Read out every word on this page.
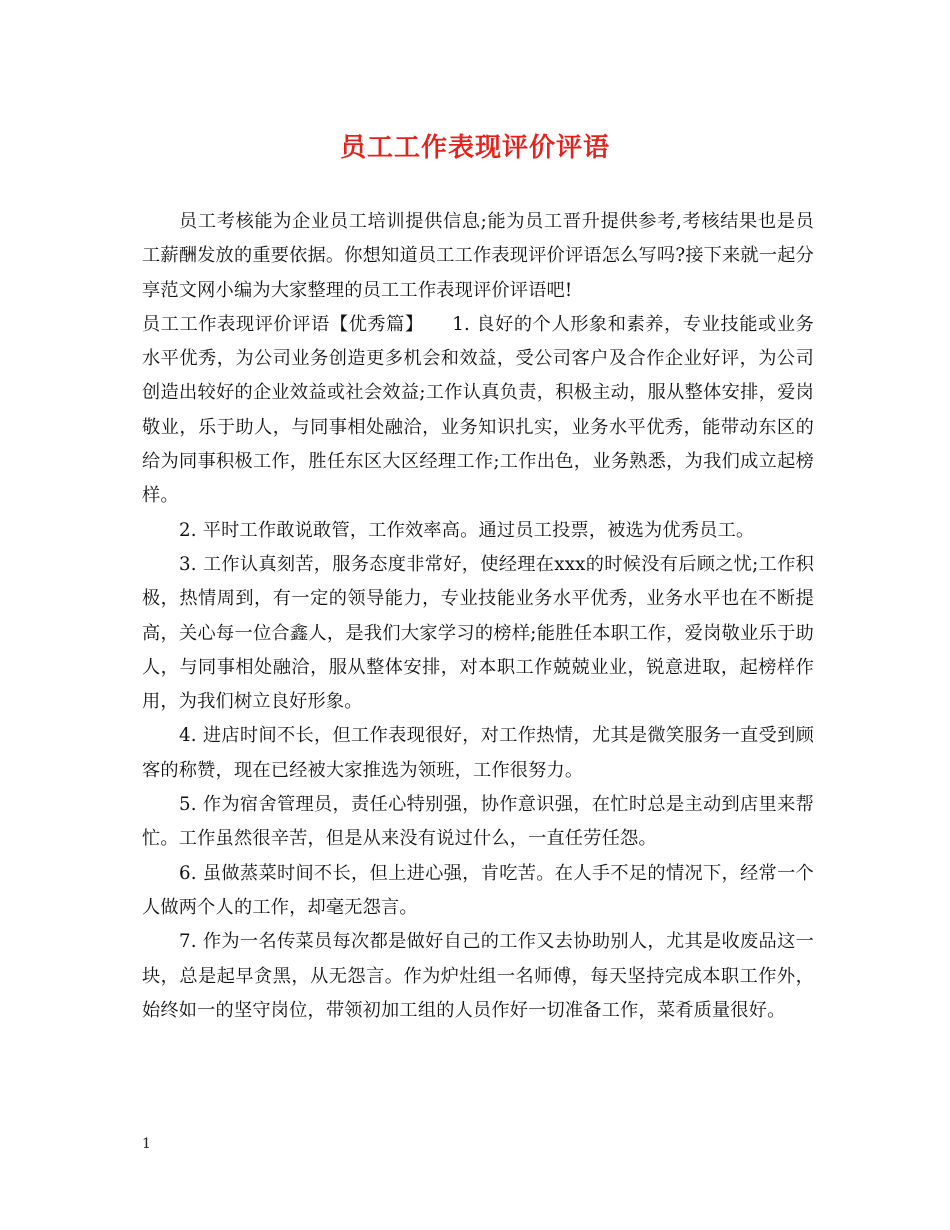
员工工作表现评价评语

员工考核能为企业员工培训提供信息;能为员工晋升提供参考,考核结果也是员工薪酬发放的重要依据。你想知道员工工作表现评价评语怎么写吗?接下来就一起分享范文网小编为大家整理的员工工作表现评价评语吧!

员工工作表现评价评语【优秀篇】　　1. 良好的个人形象和素养，专业技能或业务水平优秀，为公司业务创造更多机会和效益，受公司客户及合作企业好评，为公司创造出较好的企业效益或社会效益;工作认真负责，积极主动，服从整体安排，爱岗敬业，乐于助人，与同事相处融洽，业务知识扎实，业务水平优秀，能带动东区的给为同事积极工作，胜任东区大区经理工作;工作出色，业务熟悉，为我们成立起榜样。

2. 平时工作敢说敢管，工作效率高。通过员工投票，被选为优秀员工。

3. 工作认真刻苦，服务态度非常好，使经理在xxx的时候没有后顾之忧;工作积极，热情周到，有一定的领导能力，专业技能业务水平优秀，业务水平也在不断提高，关心每一位合鑫人，是我们大家学习的榜样;能胜任本职工作，爱岗敬业乐于助人，与同事相处融洽，服从整体安排，对本职工作兢兢业业，锐意进取，起榜样作用，为我们树立良好形象。

4. 进店时间不长，但工作表现很好，对工作热情，尤其是微笑服务一直受到顾客的称赞，现在已经被大家推选为领班，工作很努力。

5. 作为宿舍管理员，责任心特别强，协作意识强，在忙时总是主动到店里来帮忙。工作虽然很辛苦，但是从来没有说过什么，一直任劳任怨。

6. 虽做蒸菜时间不长，但上进心强，肯吃苦。在人手不足的情况下，经常一个人做两个人的工作，却毫无怨言。

7. 作为一名传菜员每次都是做好自己的工作又去协助别人，尤其是收废品这一块，总是起早贪黑，从无怨言。作为炉灶组一名师傅，每天坚持完成本职工作外，始终如一的坚守岗位，带领初加工组的人员作好一切准备工作，菜肴质量很好。

1
